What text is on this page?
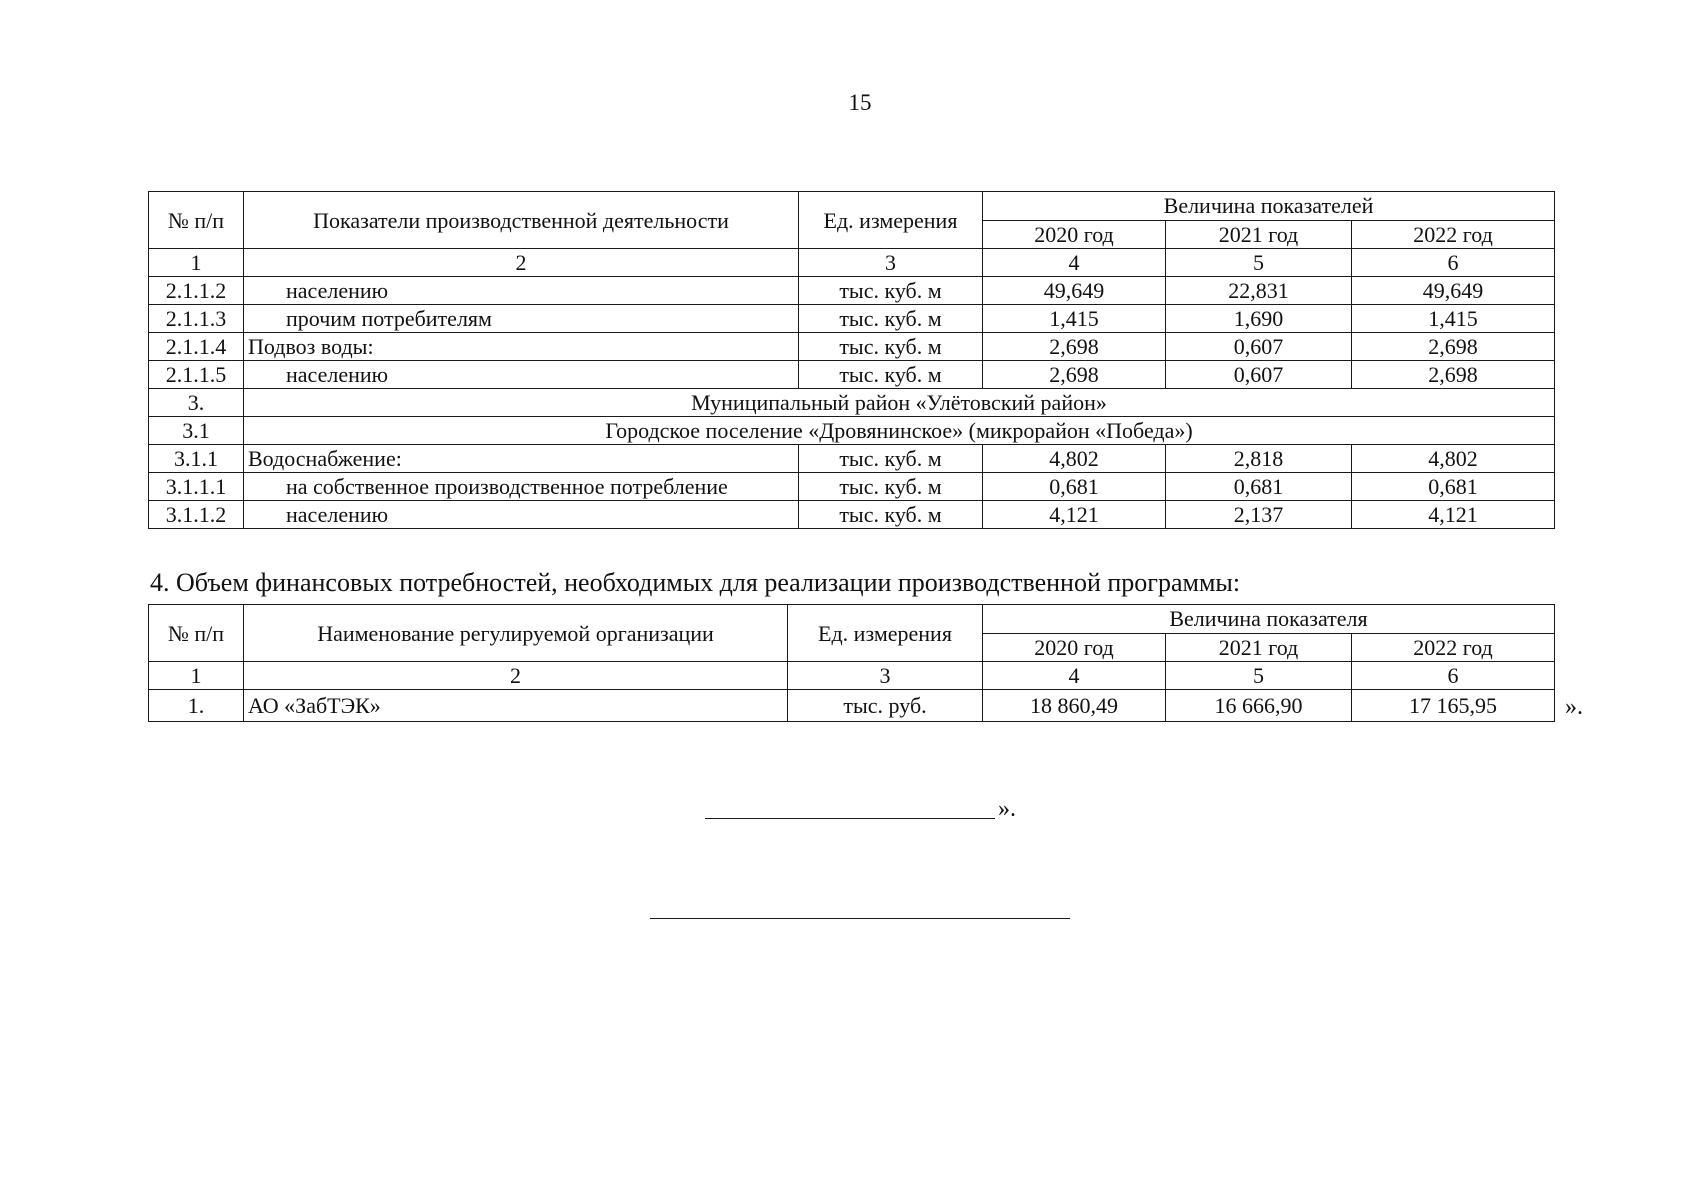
15
№ п/п	Показатели производственной деятельности	Ед. измерения	Величина показателей		
			2020 год	2021 год	2022 год
1	2	3	4	5	6
2.1.1.2	населению	тыс. куб. м	49,649	22,831	49,649
2.1.1.3	прочим потребителям	тыс. куб. м	1,415	1,690	1,415
2.1.1.4	Подвоз воды:	тыс. куб. м	2,698	0,607	2,698
2.1.1.5	населению	тыс. куб. м	2,698	0,607	2,698
3.	Муниципальный район «Улётовский район»				
3.1	Городское поселение «Дровянинское» (микрорайон «Победа»)				
3.1.1	Водоснабжение:	тыс. куб. м	4,802	2,818	4,802
3.1.1.1	на собственное производственное потребление	тыс. куб. м	0,681	0,681	0,681
3.1.1.2	населению	тыс. куб. м	4,121	2,137	4,121
4. Объем финансовых потребностей, необходимых для реализации производственной программы:
№ п/п	Наименование регулируемой организации	Ед. измерения	Величина показателя		
			2020 год	2021 год	2022 год
1	2	3	4	5	6
1.	АО «ЗабТЭК»	тыс. руб.	18 860,49	16 666,90	17 165,95	».
».
